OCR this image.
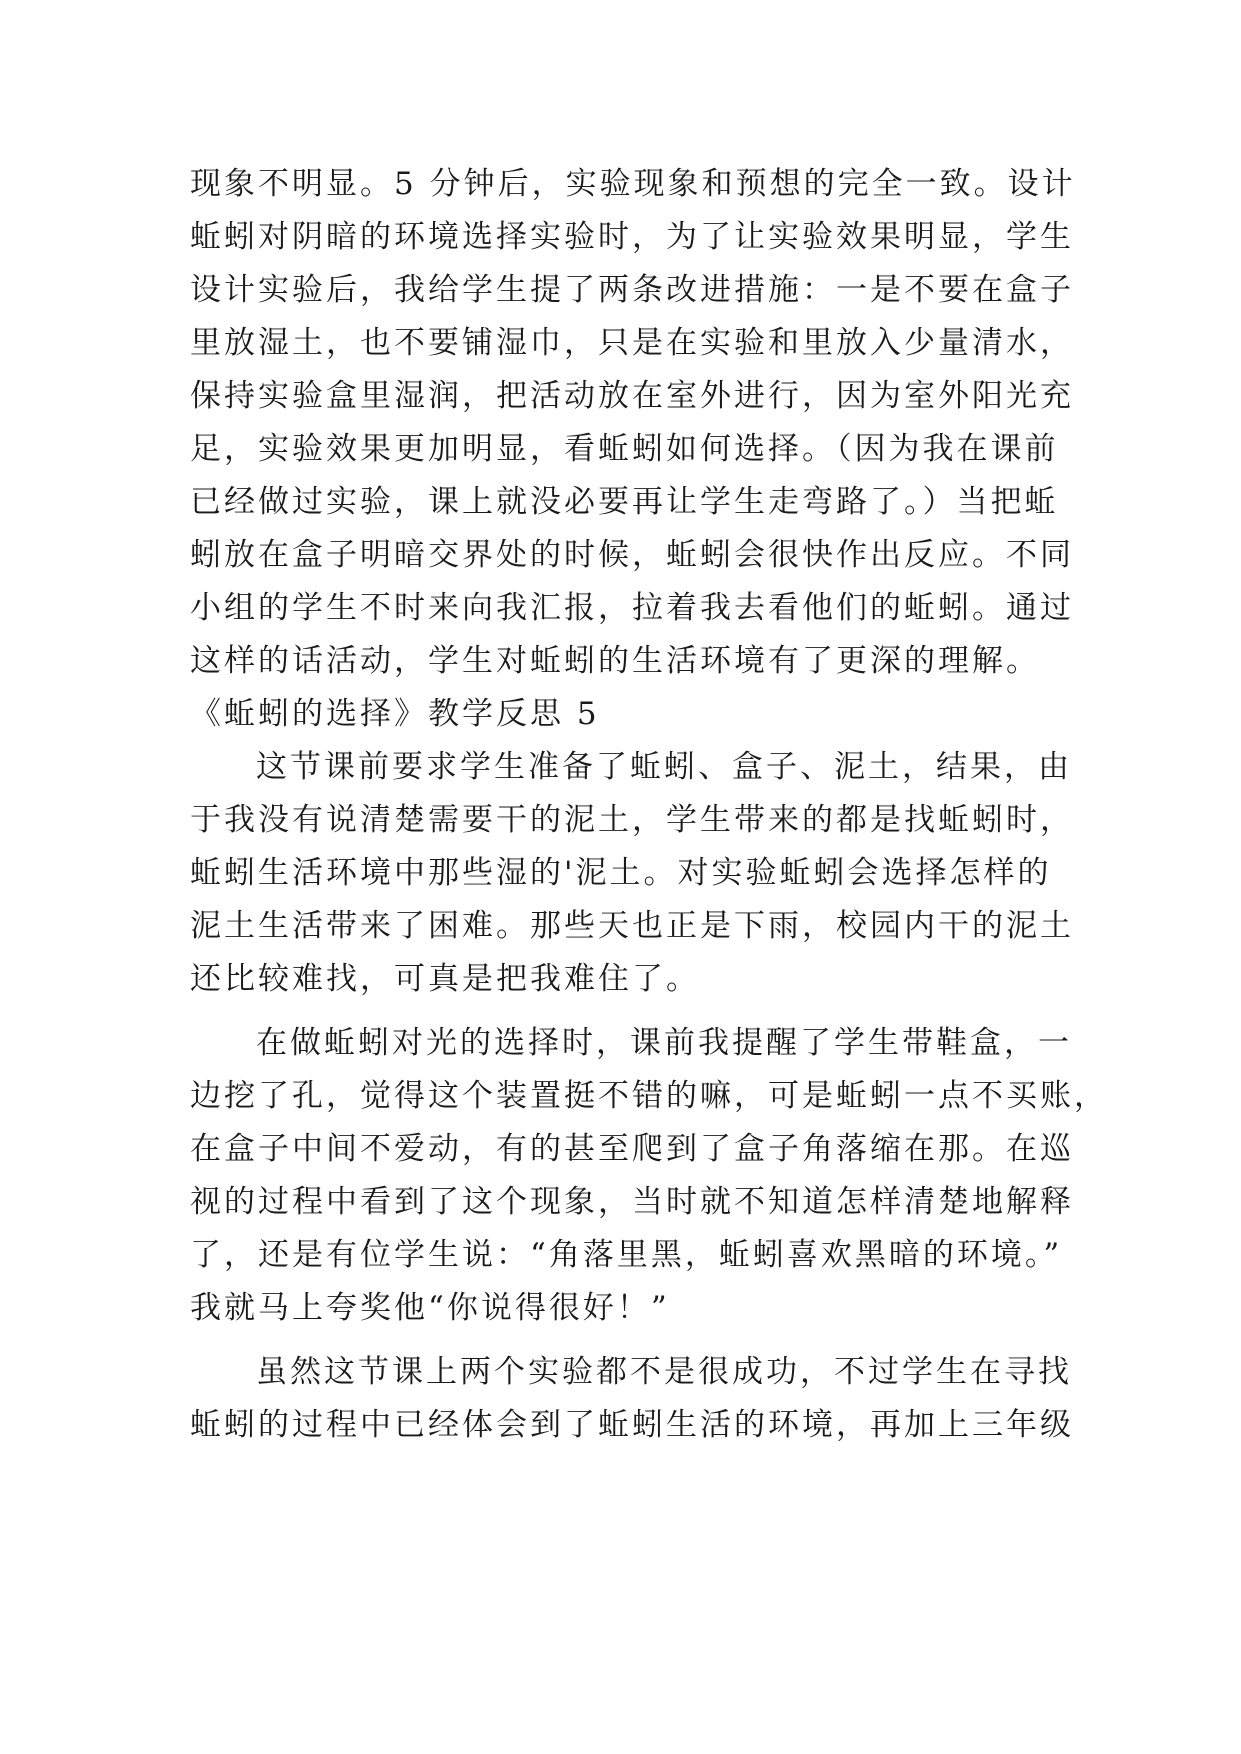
现象不明显。5 分钟后，实验现象和预想的完全一致。设计
蚯蚓对阴暗的环境选择实验时，为了让实验效果明显，学生
设计实验后，我给学生提了两条改进措施：一是不要在盒子
里放湿土，也不要铺湿巾，只是在实验和里放入少量清水，
保持实验盒里湿润，把活动放在室外进行，因为室外阳光充
足，实验效果更加明显，看蚯蚓如何选择。（因为我在课前
已经做过实验，课上就没必要再让学生走弯路了。）当把蚯
蚓放在盒子明暗交界处的时候，蚯蚓会很快作出反应。不同
小组的学生不时来向我汇报，拉着我去看他们的蚯蚓。通过
这样的话活动，学生对蚯蚓的生活环境有了更深的理解。
《蚯蚓的选择》教学反思 5
这节课前要求学生准备了蚯蚓、盒子、泥土，结果，由
于我没有说清楚需要干的泥土，学生带来的都是找蚯蚓时，
蚯蚓生活环境中那些湿的'泥土。对实验蚯蚓会选择怎样的
泥土生活带来了困难。那些天也正是下雨，校园内干的泥土
还比较难找，可真是把我难住了。
在做蚯蚓对光的选择时，课前我提醒了学生带鞋盒，一
边挖了孔，觉得这个装置挺不错的嘛，可是蚯蚓一点不买账，
在盒子中间不爱动，有的甚至爬到了盒子角落缩在那。在巡
视的过程中看到了这个现象，当时就不知道怎样清楚地解释
了，还是有位学生说：“角落里黑，蚯蚓喜欢黑暗的环境。”
我就马上夸奖他“你说得很好！”
虽然这节课上两个实验都不是很成功，不过学生在寻找
蚯蚓的过程中已经体会到了蚯蚓生活的环境，再加上三年级
